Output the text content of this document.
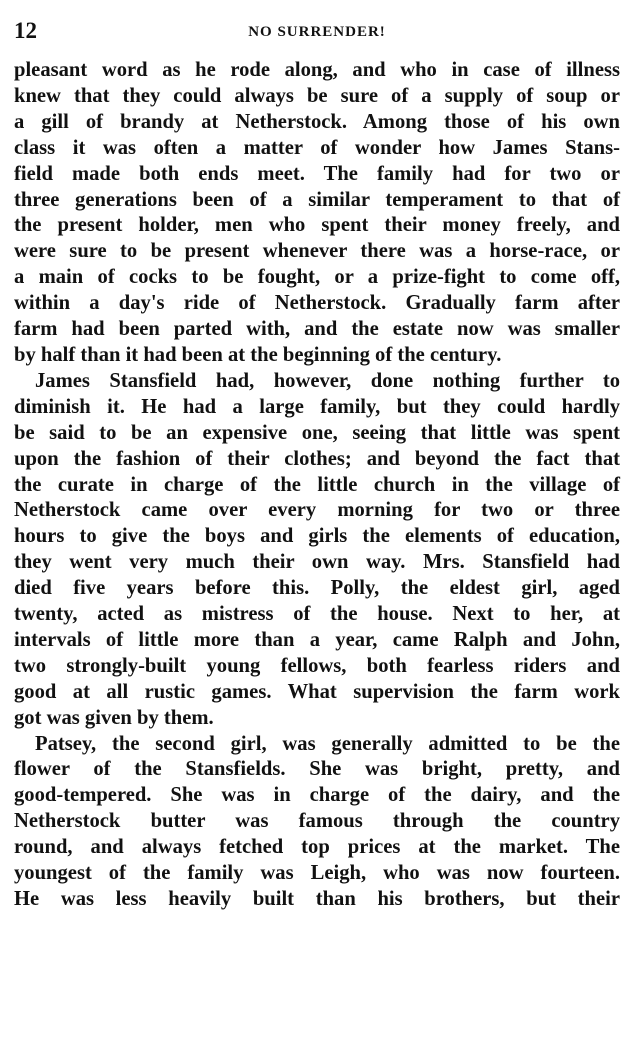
12	NO SURRENDER!
pleasant word as he rode along, and who in case of illness
knew that they could always be sure of a supply of soup or
a gill of brandy at Netherstock. Among those of his own
class it was often a matter of wonder how James Stans-
field made both ends meet. The family had for two or
three generations been of a similar temperament to that of
the present holder, men who spent their money freely, and
were sure to be present whenever there was a horse-race, or
a main of cocks to be fought, or a prize-fight to come off,
within a day's ride of Netherstock. Gradually farm after
farm had been parted with, and the estate now was smaller
by half than it had been at the beginning of the century.
James Stansfield had, however, done nothing further to
diminish it. He had a large family, but they could hardly
be said to be an expensive one, seeing that little was spent
upon the fashion of their clothes; and beyond the fact that
the curate in charge of the little church in the village of
Netherstock came over every morning for two or three
hours to give the boys and girls the elements of education,
they went very much their own way. Mrs. Stansfield had
died five years before this. Polly, the eldest girl, aged
twenty, acted as mistress of the house. Next to her, at
intervals of little more than a year, came Ralph and John,
two strongly-built young fellows, both fearless riders and
good at all rustic games. What supervision the farm work
got was given by them.
Patsey, the second girl, was generally admitted to be the
flower of the Stansfields. She was bright, pretty, and
good-tempered. She was in charge of the dairy, and the
Netherstock butter was famous through the country
round, and always fetched top prices at the market. The
youngest of the family was Leigh, who was now fourteen.
He was less heavily built than his brothers, but their
